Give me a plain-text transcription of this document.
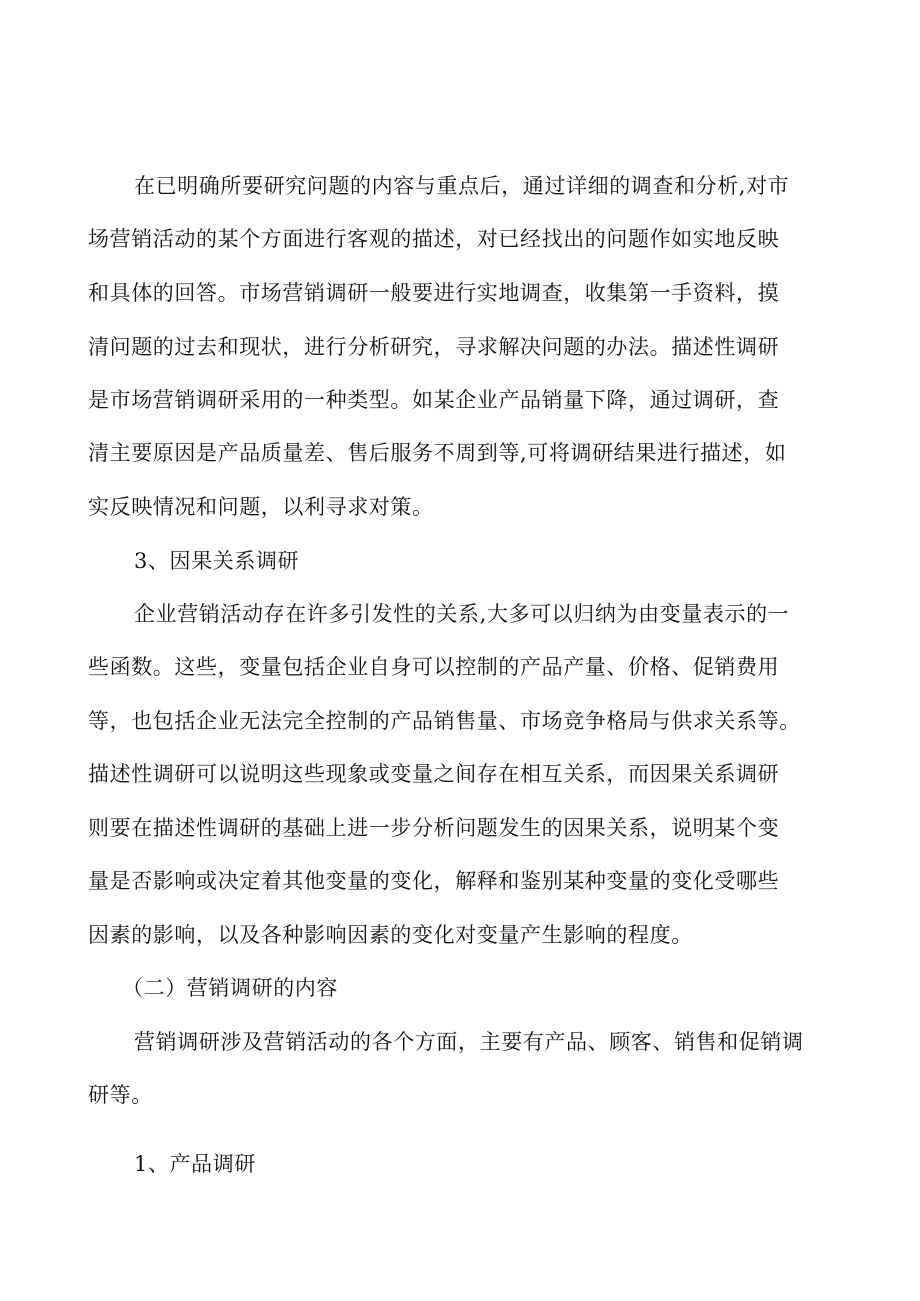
在已明确所要研究问题的内容与重点后，通过详细的调查和分析,对市
场营销活动的某个方面进行客观的描述，对已经找出的问题作如实地反映
和具体的回答。市场营销调研一般要进行实地调查，收集第一手资料，摸
清问题的过去和现状，进行分析研究，寻求解决问题的办法。描述性调研
是市场营销调研采用的一种类型。如某企业产品销量下降，通过调研，查
清主要原因是产品质量差、售后服务不周到等,可将调研结果进行描述，如
实反映情况和问题，以利寻求对策。
3、因果关系调研
企业营销活动存在许多引发性的关系,大多可以归纳为由变量表示的一
些函数。这些，变量包括企业自身可以控制的产品产量、价格、促销费用
等，也包括企业无法完全控制的产品销售量、市场竞争格局与供求关系等。
描述性调研可以说明这些现象或变量之间存在相互关系，而因果关系调研
则要在描述性调研的基础上进一步分析问题发生的因果关系，说明某个变
量是否影响或决定着其他变量的变化，解释和鉴别某种变量的变化受哪些
因素的影响，以及各种影响因素的变化对变量产生影响的程度。
（二）营销调研的内容
营销调研涉及营销活动的各个方面，主要有产品、顾客、销售和促销调
研等。
1、产品调研
